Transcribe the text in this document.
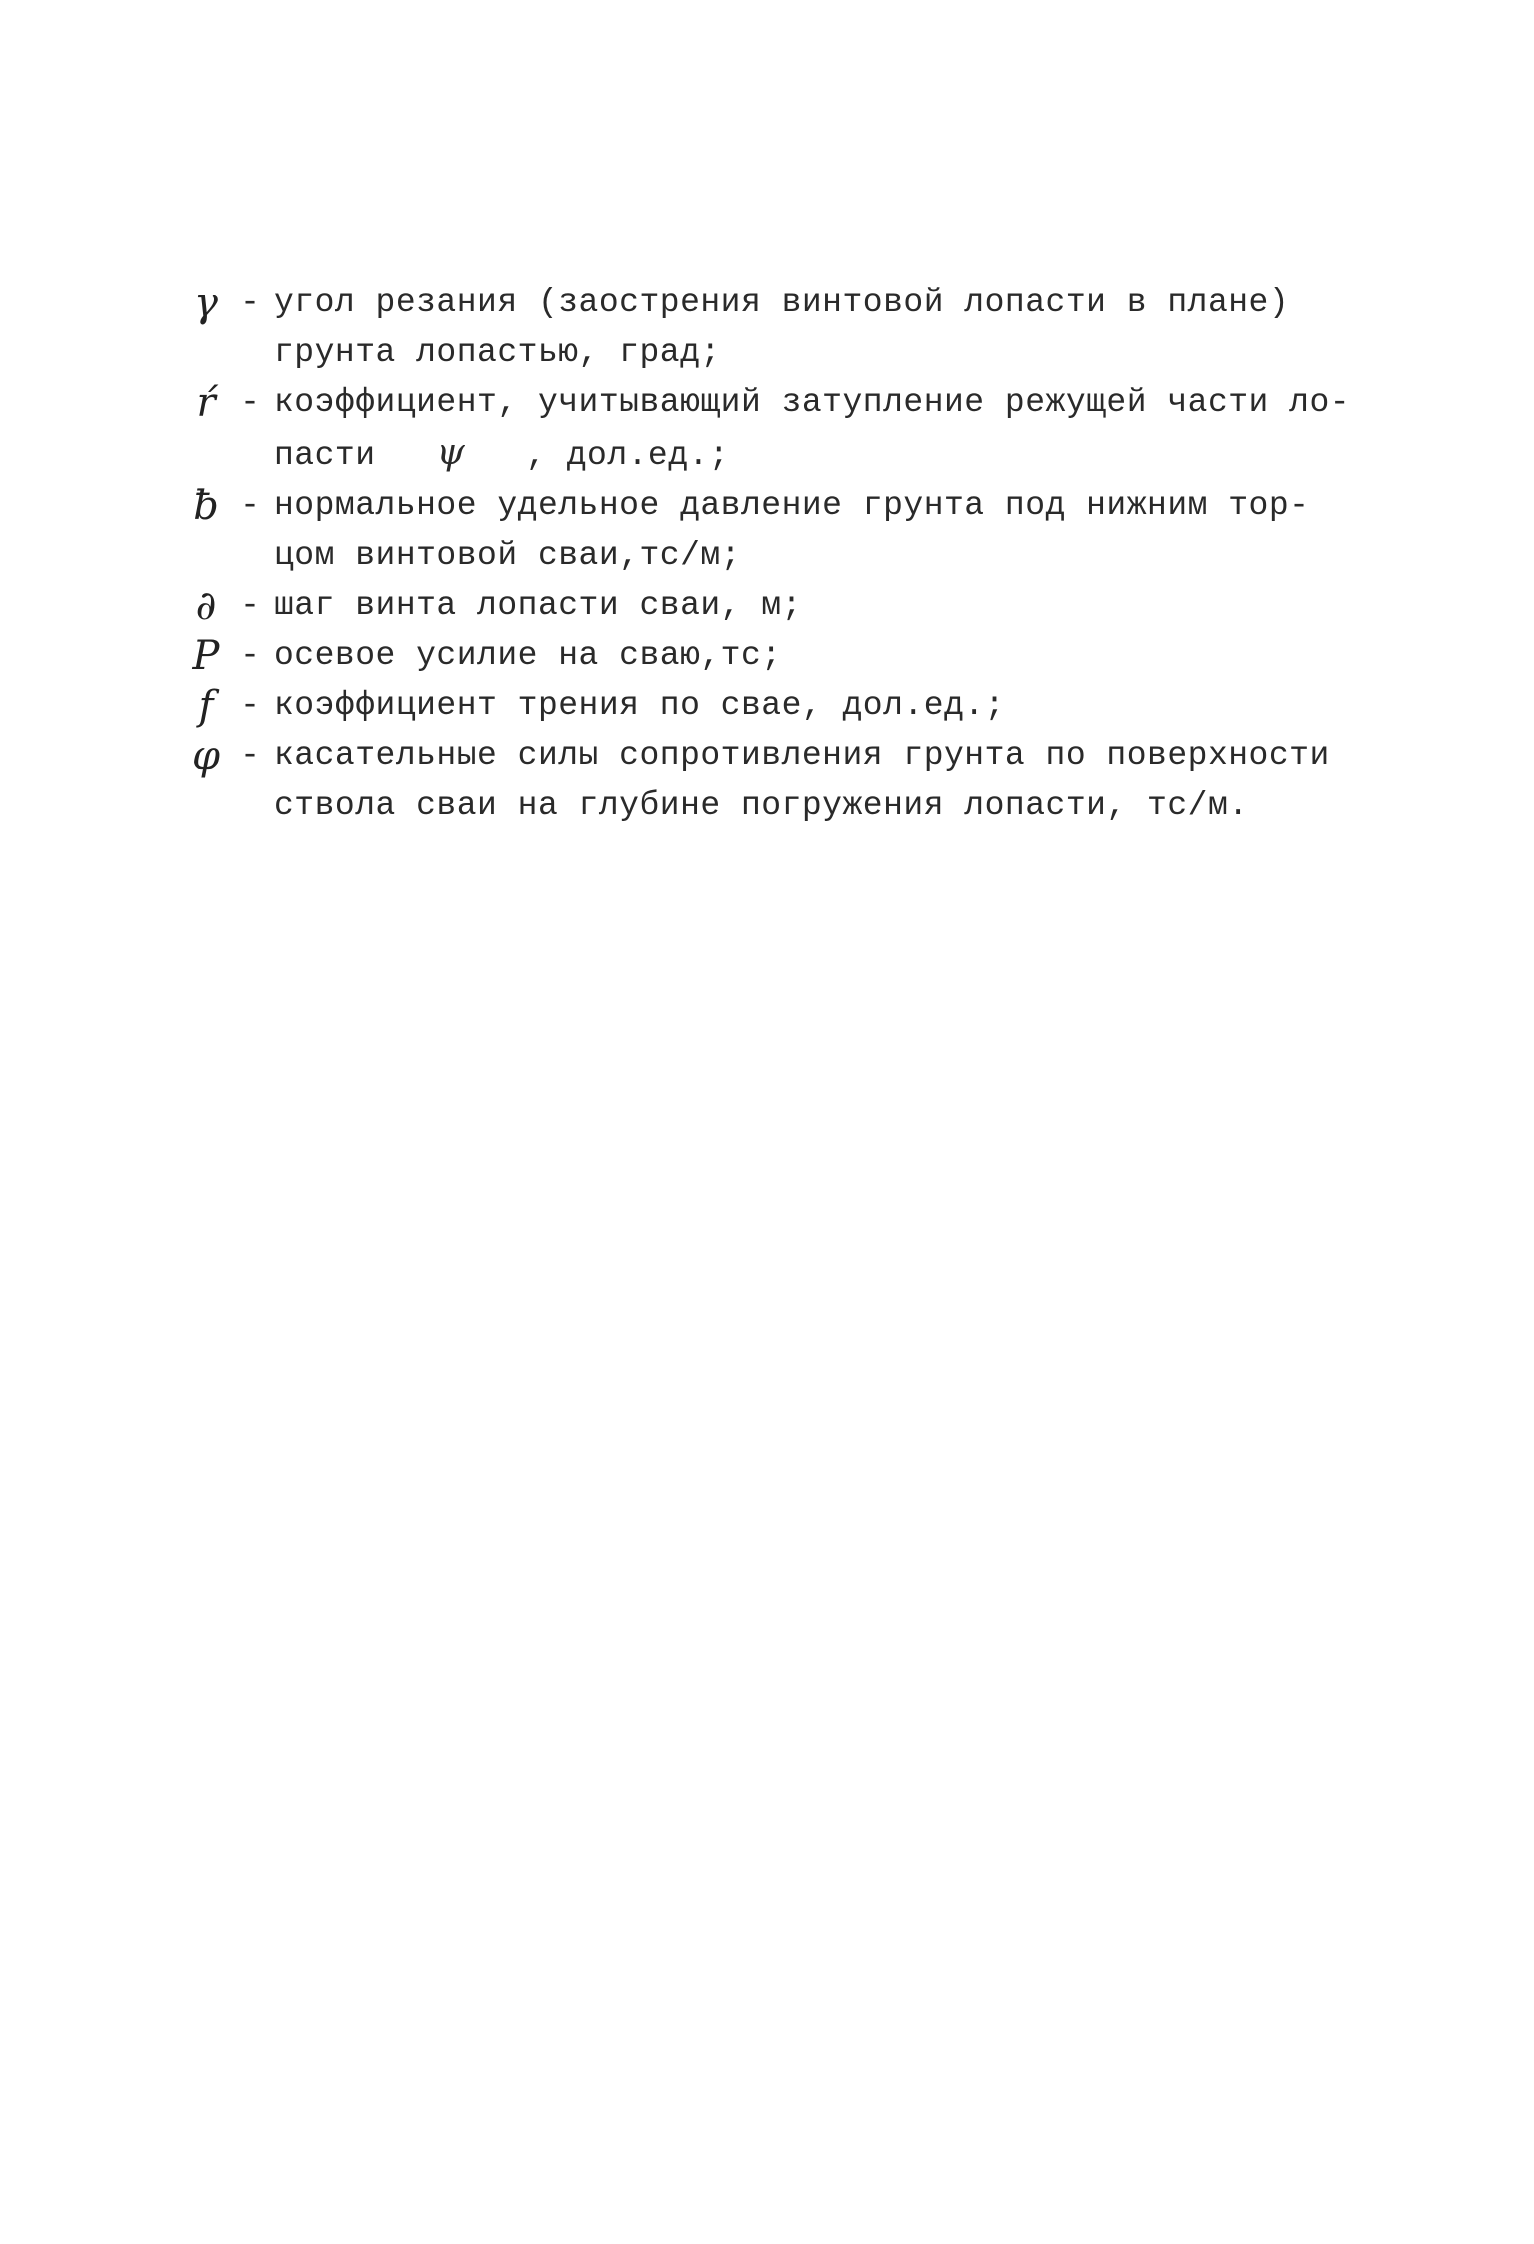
γ - угол резания (заострения винтовой лопасти в плане)
грунта лопастью, град;
ŕ - коэффициент, учитывающий затупление режущей части ло-
пасти ψ , дол.ед.;
ƀ - нормальное удельное давление грунта под нижним тор-
цом винтовой сваи,тс/м;
∂ - шаг винта лопасти сваи, м;
P - осевое усилие на сваю,тс;
f - коэффициент трения по свае, дол.ед.;
φ - касательные силы сопротивления грунта по поверхности
ствола сваи на глубине погружения лопасти, тс/м.
